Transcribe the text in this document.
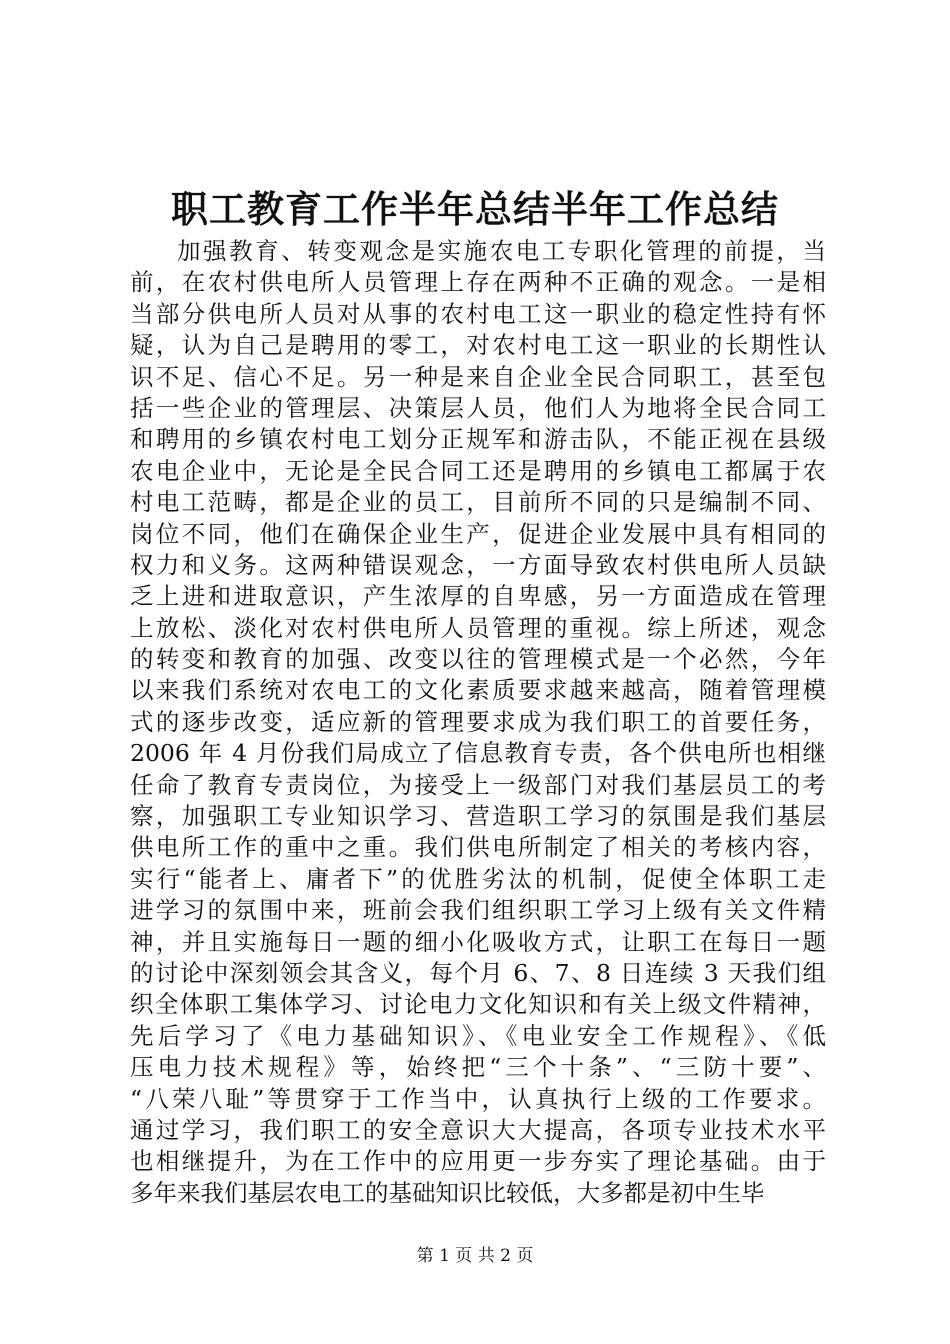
职工教育工作半年总结半年工作总结
加强教育、转变观念是实施农电工专职化管理的前提，当
前，在农村供电所人员管理上存在两种不正确的观念。一是相
当部分供电所人员对从事的农村电工这一职业的稳定性持有怀
疑，认为自己是聘用的零工，对农村电工这一职业的长期性认
识不足、信心不足。另一种是来自企业全民合同职工，甚至包
括一些企业的管理层、决策层人员，他们人为地将全民合同工
和聘用的乡镇农村电工划分正规军和游击队，不能正视在县级
农电企业中，无论是全民合同工还是聘用的乡镇电工都属于农
村电工范畴，都是企业的员工，目前所不同的只是编制不同、
岗位不同，他们在确保企业生产，促进企业发展中具有相同的
权力和义务。这两种错误观念，一方面导致农村供电所人员缺
乏上进和进取意识，产生浓厚的自卑感，另一方面造成在管理
上放松、淡化对农村供电所人员管理的重视。综上所述，观念
的转变和教育的加强、改变以往的管理模式是一个必然，今年
以来我们系统对农电工的文化素质要求越来越高，随着管理模
式的逐步改变，适应新的管理要求成为我们职工的首要任务，
2006 年 4 月份我们局成立了信息教育专责，各个供电所也相继
任命了教育专责岗位，为接受上一级部门对我们基层员工的考
察，加强职工专业知识学习、营造职工学习的氛围是我们基层
供电所工作的重中之重。我们供电所制定了相关的考核内容，
实行“能者上、庸者下”的优胜劣汰的机制，促使全体职工走
进学习的氛围中来，班前会我们组织职工学习上级有关文件精
神，并且实施每日一题的细小化吸收方式，让职工在每日一题
的讨论中深刻领会其含义，每个月 6、7、8 日连续 3 天我们组
织全体职工集体学习、讨论电力文化知识和有关上级文件精神，
先后学习了《电力基础知识》、《电业安全工作规程》、《低
压电力技术规程》等，始终把“三个十条”、“三防十要”、
“八荣八耻”等贯穿于工作当中，认真执行上级的工作要求。
通过学习，我们职工的安全意识大大提高，各项专业技术水平
也相继提升，为在工作中的应用更一步夯实了理论基础。由于
多年来我们基层农电工的基础知识比较低，大多都是初中生毕
第 1 页 共 2 页
